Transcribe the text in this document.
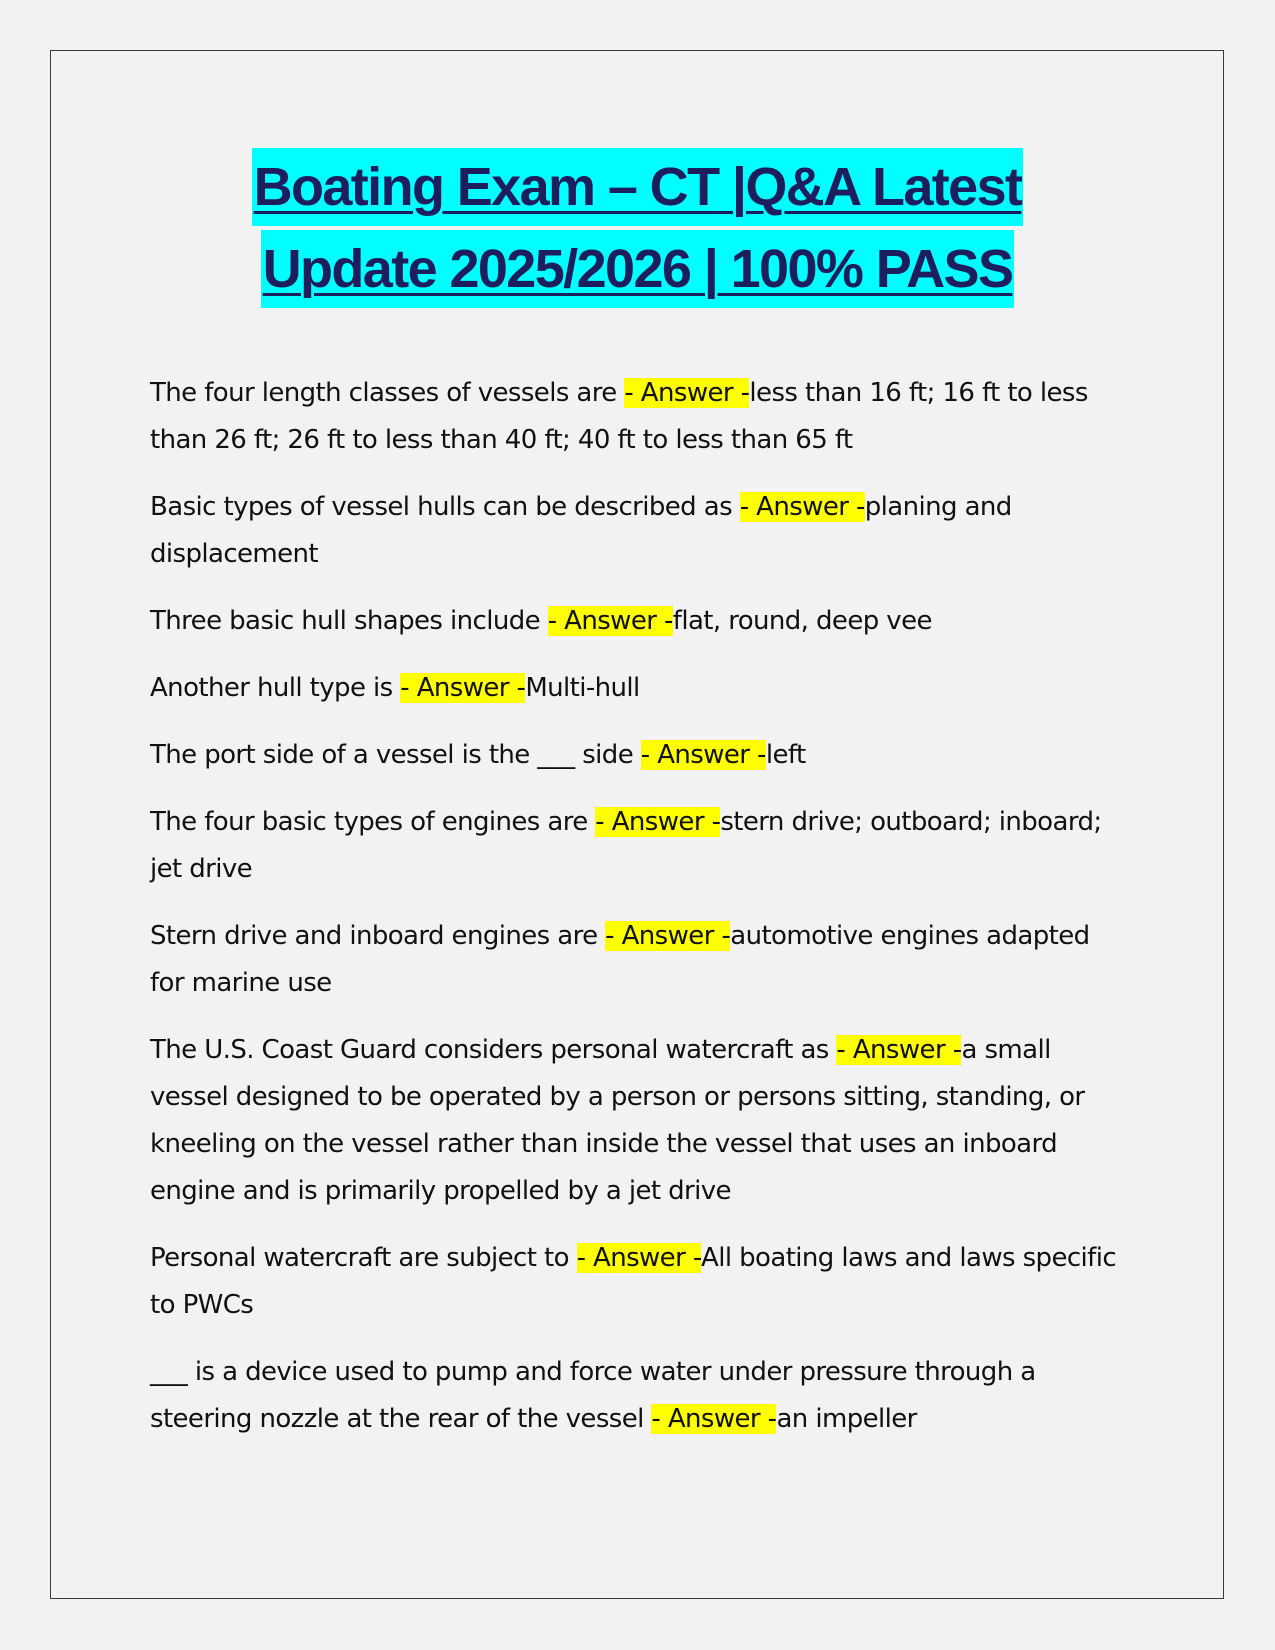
Boating Exam – CT |Q&A Latest
Update 2025/2026 | 100% PASS

The four length classes of vessels are - Answer -less than 16 ft; 16 ft to less than 26 ft; 26 ft to less than 40 ft; 40 ft to less than 65 ft

Basic types of vessel hulls can be described as - Answer -planing and displacement

Three basic hull shapes include - Answer -flat, round, deep vee

Another hull type is - Answer -Multi-hull

The port side of a vessel is the ___ side - Answer -left

The four basic types of engines are - Answer -stern drive; outboard; inboard; jet drive

Stern drive and inboard engines are - Answer -automotive engines adapted for marine use

The U.S. Coast Guard considers personal watercraft as - Answer -a small vessel designed to be operated by a person or persons sitting, standing, or kneeling on the vessel rather than inside the vessel that uses an inboard engine and is primarily propelled by a jet drive

Personal watercraft are subject to - Answer -All boating laws and laws specific to PWCs

___ is a device used to pump and force water under pressure through a steering nozzle at the rear of the vessel - Answer -an impeller
